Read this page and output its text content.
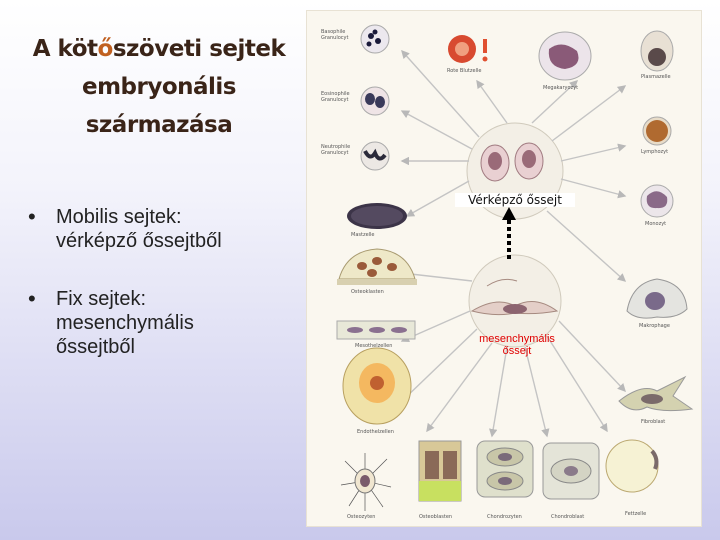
A kötőszöveti sejtek
embryonális
származása
• Mobilis sejtek:
vérképző őssejtből
• Fix sejtek:
mesenchymális
őssejtből
Basophile Granulocyt
Eosinophile Granulocyt
Neutrophile Granulocyt
Mastzelle
Osteoklasten
Mesothelzellen
Endothelzellen
Rote Blutzelle
Megakaryozyt
Plasmazelle
Lymphozyt
Monozyt
Makrophage
Fibroblast
Fettzelle
Osteozyten	Osteoblasten	Chondrozyten	Chondroblast
Vérképző őssejt
mesenchymális
őssejt
